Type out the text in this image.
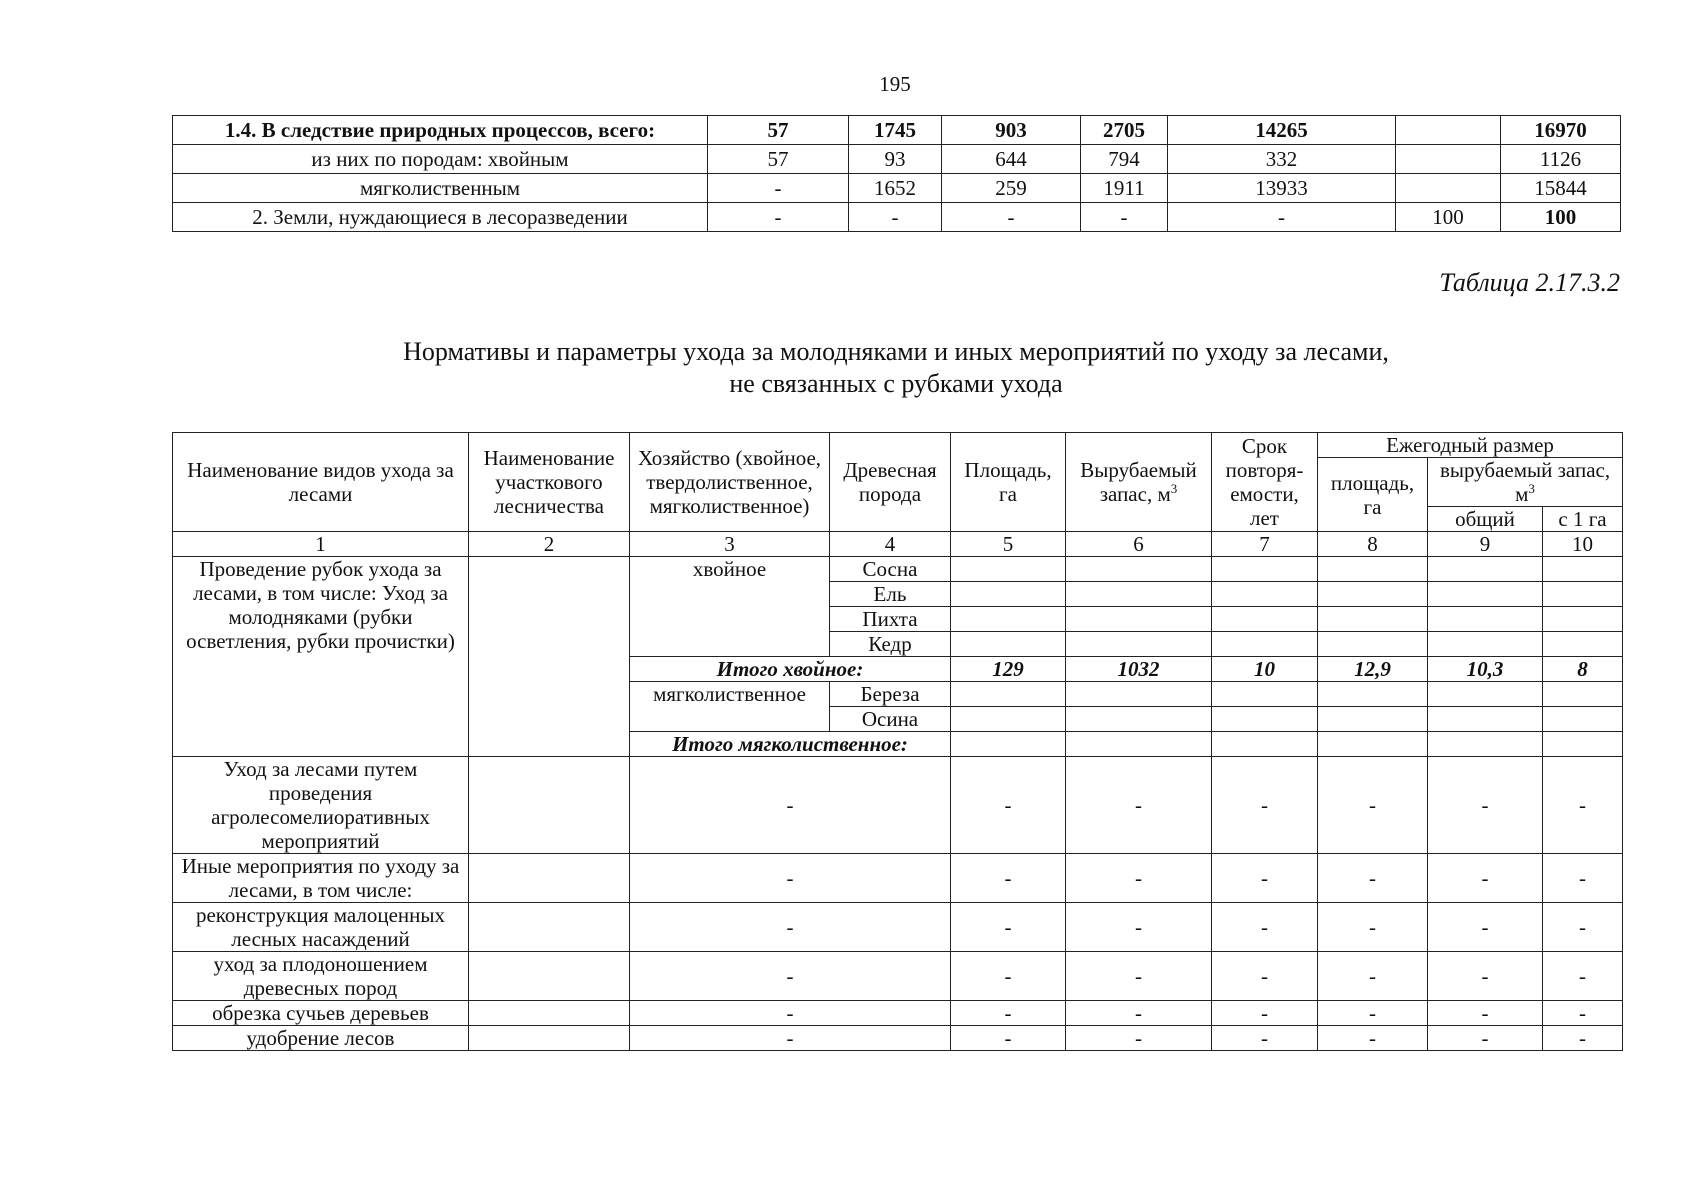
195
1.4. В следствие природных процессов, всего:	57	1745	903	2705	14265		16970
из них по породам: хвойным	57	93	644	794	332		1126
мягколиственным	-	1652	259	1911	13933		15844
2. Земли, нуждающиеся в лесоразведении	-	-	-	-	-	100	100
Таблица 2.17.3.2
Нормативы и параметры ухода за молодняками и иных мероприятий по уходу за лесами,
не связанных с рубками ухода
Наименование видов ухода за лесами	Наименование участкового лесничества	Хозяйство (хвойное, твердолиственное, мягколиственное)	Древесная порода	Площадь, га	Вырубаемый запас, $м^3$	Срок повторя-емости, лет	Ежегодный размер		
							площадь, га	вырубаемый запас, $м^3$
								общий	с 1 га
1	2	3	4	5	6	7	8	9	10
Проведение рубок ухода за лесами, в том числе: Уход за молодняками (рубки осветления, рубки прочистки)		хвойное	Сосна						
			Ель						
			Пихта						
			Кедр						
		Итого хвойное:		129	1032	10	12,9	10,3	8
		мягколиственное	Береза						
			Осина						
		Итого мягколиственное:							
Уход за лесами путем проведения агролесомелиоративных мероприятий		-		-	-	-	-	-	-
Иные мероприятия по уходу за лесами, в том числе:		-		-	-	-	-	-	-
реконструкция малоценных лесных насаждений		-		-	-	-	-	-	-
уход за плодоношением древесных пород		-		-	-	-	-	-	-
обрезка сучьев деревьев		-		-	-	-	-	-	-
удобрение лесов		-		-	-	-	-	-	-
